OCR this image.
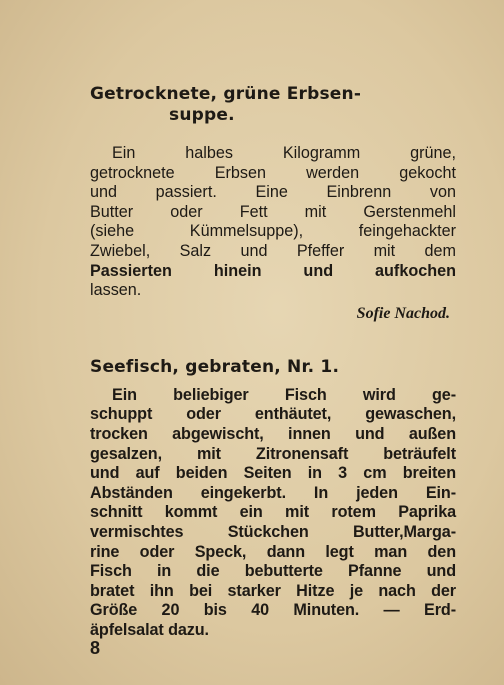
Getrocknete, grüne Erbsen-
suppe.

Ein halbes Kilogramm grüne,
getrocknete Erbsen werden gekocht
und passiert. Eine Einbrenn von
Butter oder Fett mit Gerstenmehl
(siehe Kümmelsuppe), feingehackter
Zwiebel, Salz und Pfeffer mit dem
Passierten hinein und aufkochen
lassen.

Sofie Nachod.
Seefisch, gebraten, Nr. 1.

Ein beliebiger Fisch wird ge-
schuppt oder enthäutet, gewaschen,
trocken abgewischt, innen und außen
gesalzen, mit Zitronensaft beträufelt
und auf beiden Seiten in 3 cm breiten
Abständen eingekerbt. In jeden Ein-
schnitt kommt ein mit rotem Paprika
vermischtes Stückchen Butter,Marga-
rine oder Speck, dann legt man den
Fisch in die bebutterte Pfanne und
bratet ihn bei starker Hitze je nach der
Größe 20 bis 40 Minuten. — Erd-
äpfelsalat dazu.

8
